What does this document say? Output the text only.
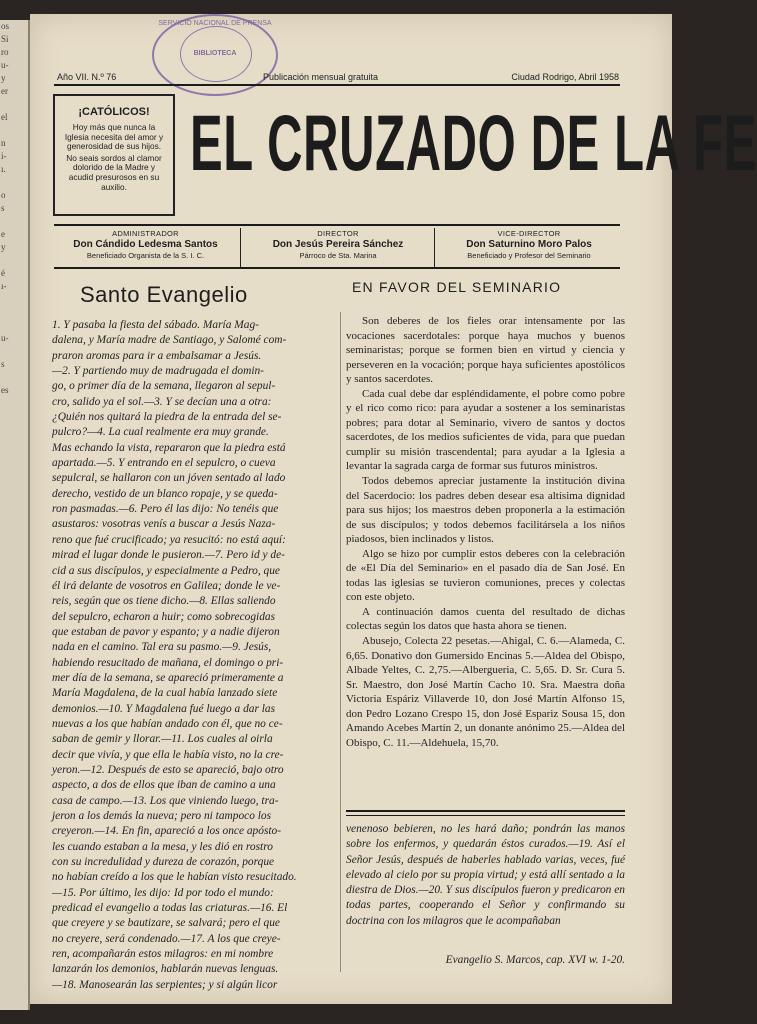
os
Si
ro
u-
y
er

el

n
i-
ı.

o
s

e
y

é
ı-

u-

s

es
SERVICIO NACIONAL DE PRENSA
BIBLIOTECA
Año VII. N.º 76	Publicación mensual gratuita	Ciudad Rodrigo, Abril 1958
¡CATÓLICOS!

Hoy más que nunca la Iglesia necesita del amor y generosidad de sus hijos.

No seais sordos al clamor dolorido de la Madre y acudid presurosos en su auxilio. EL CRUZADO DE LA FE
ADMINISTRADOR
Don Cándido Ledesma Santos
Beneficiado Organista de la S. I. C.
DIRECTOR
Don Jesús Pereira Sánchez
Párroco de Sta. Marina
VICE-DIRECTOR
Don Saturnino Moro Palos
Beneficiado y Profesor del Seminario
Santo Evangelio	EN FAVOR DEL SEMINARIO
1. Y pasaba la fiesta del sábado. María Mag-
dalena, y María madre de Santiago, y Salomé com-
praron aromas para ir a embalsamar a Jesús.
—2. Y partiendo muy de madrugada el domin-
go, o primer día de la semana, llegaron al sepul-
cro, salido ya el sol.—3. Y se decían una a otra:
¿Quién nos quitará la piedra de la entrada del se-
pulcro?—4. La cual realmente era muy grande.
Mas echando la vista, repararon que la piedra está
apartada.—5. Y entrando en el sepulcro, o cueva
sepulcral, se hallaron con un jóven sentado al lado
derecho, vestido de un blanco ropaje, y se queda-
ron pasmadas.—6. Pero él las dijo: No tenéis que
asustaros: vosotras venís a buscar a Jesús Naza-
reno que fué crucificado; ya resucitó: no está aquí:
mirad el lugar donde le pusieron.—7. Pero id y de-
cid a sus discípulos, y especialmente a Pedro, que
él irá delante de vosotros en Galilea; donde le ve-
reis, según que os tiene dicho.—8. Ellas saliendo
del sepulcro, echaron a huir; como sobrecogidas
que estaban de pavor y espanto; y a nadie dijeron
nada en el camino. Tal era su pasmo.—9. Jesús,
habiendo resucitado de mañana, el domingo o pri-
mer día de la semana, se apareció primeramente a
María Magdalena, de la cual había lanzado siete
demonios.—10. Y Magdalena fué luego a dar las
nuevas a los que habían andado con él, que no ce-
saban de gemir y llorar.—11. Los cuales al oirla
decir que vivía, y que ella le había visto, no la cre-
yeron.—12. Después de esto se apareció, bajo otro
aspecto, a dos de ellos que iban de camino a una
casa de campo.—13. Los que viniendo luego, tra-
jeron a los demás la nueva; pero ni tampoco los
creyeron.—14. En fin, apareció a los once apósto-
les cuando estaban a la mesa, y les dió en rostro
con su incredulidad y dureza de corazón, porque
no habían creído a los que le habían visto resucitado.
—15. Por último, les dijo: Id por todo el mundo:
predicad el evangelio a todas las criaturas.—16. El
que creyere y se bautizare, se salvará; pero el que
no creyere, será condenado.—17. A los que creye-
ren, acompañarán estos milagros: en mi nombre
lanzarán los demonios, hablarán nuevas lenguas.
—18. Manosearán las serpientes; y si algún licor

Son deberes de los fieles orar intensamente por las vocaciones sacerdotales: porque haya muchos y buenos seminaristas; porque se formen bien en virtud y ciencia y perseveren en la vocación; porque haya suficientes apostólicos y santos sacerdotes.

Cada cual debe dar espléndidamente, el pobre como pobre y el rico como rico: para ayudar a sostener a los seminaristas pobres; para dotar al Seminario, vivero de santos y doctos sacerdotes, de los medios suficientes de vida, para que puedan cumplir su misión trascendental; para ayudar a la Iglesia a levantar la sagrada carga de formar sus futuros ministros.

Todos debemos apreciar justamente la institución divina del Sacerdocio: los padres deben desear esa altísima dignidad para sus hijos; los maestros deben proponerla a la estimación de sus discípulos; y todos debemos facilitársela a los niños piadosos, bien inclinados y listos.

Algo se hizo por cumplir estos deberes con la celebración de «El Día del Seminario» en el pasado día de San José. En todas las iglesias se tuvieron comuniones, preces y colectas con este objeto.

A continuación damos cuenta del resultado de dichas colectas según los datos que hasta ahora se tienen.

Abusejo, Colecta 22 pesetas.—Ahigal, C. 6.—Alameda, C. 6,65. Donativo don Gumersido Encinas 5.—Aldea del Obispo, Albade Yeltes, C. 2,75.—Albergueria, C. 5,65. D. Sr. Cura 5. Sr. Maestro, don José Martín Cacho 10. Sra. Maestra doña Victoria Espáriz Villaverde 10, don José Martín Alfonso 15, don Pedro Lozano Crespo 15, don José Espariz Sousa 15, don Amando Acebes Martín 2, un donante anónimo 25.—Aldea del Obispo, C. 11.—Aldehuela, 15,70.

venenoso bebieren, no les hará daño; pondrán las manos sobre los enfermos, y quedarán éstos curados.—19. Así el Señor Jesús, después de haberles hablado varias, veces, fué elevado al cielo por su propia virtud; y está allí sentado a la diestra de Dios.—20. Y sus discípulos fueron y predicaron en todas partes, cooperando el Señor y confirmando su doctrina con los milagros que le acompañaban
Evangelio S. Marcos, cap. XVI w. 1-20.
